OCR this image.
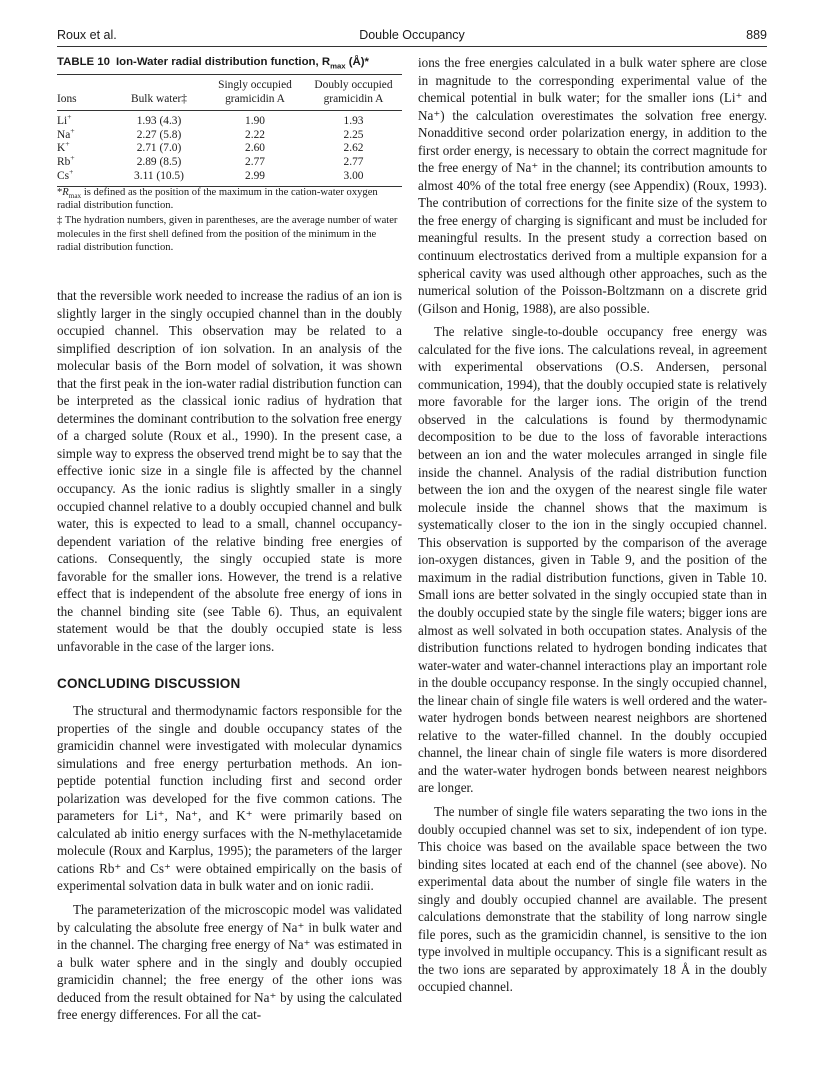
Roux et al.	Double Occupancy	889
TABLE 10 Ion-Water radial distribution function, $R_{max}$ (Å)*
Ions	Bulk water‡	Singly occupied gramicidin A	Doubly occupied gramicidin A
Li+	1.93 (4.3)	1.90	1.93
Na+	2.27 (5.8)	2.22	2.25
K+	2.71 (7.0)	2.60	2.62
Rb+	2.89 (8.5)	2.77	2.77
Cs+	3.11 (10.5)	2.99	3.00

$*R_{max}$ is defined as the position of the maximum in the cation-water oxygen radial distribution function.

‡ The hydration numbers, given in parentheses, are the average number of water molecules in the first shell defined from the position of the minimum in the radial distribution function.

that the reversible work needed to increase the radius of an ion is slightly larger in the singly occupied channel than in the doubly occupied channel. This observation may be related to a simplified description of ion solvation. In an analysis of the molecular basis of the Born model of solvation, it was shown that the first peak in the ion-water radial distribution function can be interpreted as the classical ionic radius of hydration that determines the dominant contribution to the solvation free energy of a charged solute (Roux et al., 1990). In the present case, a simple way to express the observed trend might be to say that the effective ionic size in a single file is affected by the channel occupancy. As the ionic radius is slightly smaller in a singly occupied channel relative to a doubly occupied channel and bulk water, this is expected to lead to a small, channel occupancy-dependent variation of the relative binding free energies of cations. Consequently, the singly occupied state is more favorable for the smaller ions. However, the trend is a relative effect that is independent of the absolute free energy of ions in the channel binding site (see Table 6). Thus, an equivalent statement would be that the doubly occupied state is less unfavorable in the case of the larger ions.

CONCLUDING DISCUSSION

The structural and thermodynamic factors responsible for the properties of the single and double occupancy states of the gramicidin channel were investigated with molecular dynamics simulations and free energy perturbation methods. An ion-peptide potential function including first and second order polarization was developed for the five common cations. The parameters for Li⁺, Na⁺, and K⁺ were primarily based on calculated ab initio energy surfaces with the N-methylacetamide molecule (Roux and Karplus, 1995); the parameters of the larger cations Rb⁺ and Cs⁺ were obtained empirically on the basis of experimental solvation data in bulk water and on ionic radii.

The parameterization of the microscopic model was validated by calculating the absolute free energy of Na⁺ in bulk water and in the channel. The charging free energy of Na⁺ was estimated in a bulk water sphere and in the singly and doubly occupied gramicidin channel; the free energy of the other ions was deduced from the result obtained for Na⁺ by using the calculated free energy differences. For all the cat-

ions the free energies calculated in a bulk water sphere are close in magnitude to the corresponding experimental value of the chemical potential in bulk water; for the smaller ions (Li⁺ and Na⁺) the calculation overestimates the solvation free energy. Nonadditive second order polarization energy, in addition to the first order energy, is necessary to obtain the correct magnitude for the free energy of Na⁺ in the channel; its contribution amounts to almost 40% of the total free energy (see Appendix) (Roux, 1993). The contribution of corrections for the finite size of the system to the free energy of charging is significant and must be included for meaningful results. In the present study a correction based on continuum electrostatics derived from a multiple expansion for a spherical cavity was used although other approaches, such as the numerical solution of the Poisson-Boltzmann on a discrete grid (Gilson and Honig, 1988), are also possible.

The relative single-to-double occupancy free energy was calculated for the five ions. The calculations reveal, in agreement with experimental observations (O.S. Andersen, personal communication, 1994), that the doubly occupied state is relatively more favorable for the larger ions. The origin of the trend observed in the calculations is found by thermodynamic decomposition to be due to the loss of favorable interactions between an ion and the water molecules arranged in single file inside the channel. Analysis of the radial distribution function between the ion and the oxygen of the nearest single file water molecule inside the channel shows that the maximum is systematically closer to the ion in the singly occupied channel. This observation is supported by the comparison of the average ion-oxygen distances, given in Table 9, and the position of the maximum in the radial distribution functions, given in Table 10. Small ions are better solvated in the singly occupied state than in the doubly occupied state by the single file waters; bigger ions are almost as well solvated in both occupation states. Analysis of the distribution functions related to hydrogen bonding indicates that water-water and water-channel interactions play an important role in the double occupancy response. In the singly occupied channel, the linear chain of single file waters is well ordered and the water-water hydrogen bonds between nearest neighbors are shortened relative to the water-filled channel. In the doubly occupied channel, the linear chain of single file waters is more disordered and the water-water hydrogen bonds between nearest neighbors are longer.

The number of single file waters separating the two ions in the doubly occupied channel was set to six, independent of ion type. This choice was based on the available space between the two binding sites located at each end of the channel (see above). No experimental data about the number of single file waters in the singly and doubly occupied channel are available. The present calculations demonstrate that the stability of long narrow single file pores, such as the gramicidin channel, is sensitive to the ion type involved in multiple occupancy. This is a significant result as the two ions are separated by approximately 18 Å in the doubly occupied channel.
